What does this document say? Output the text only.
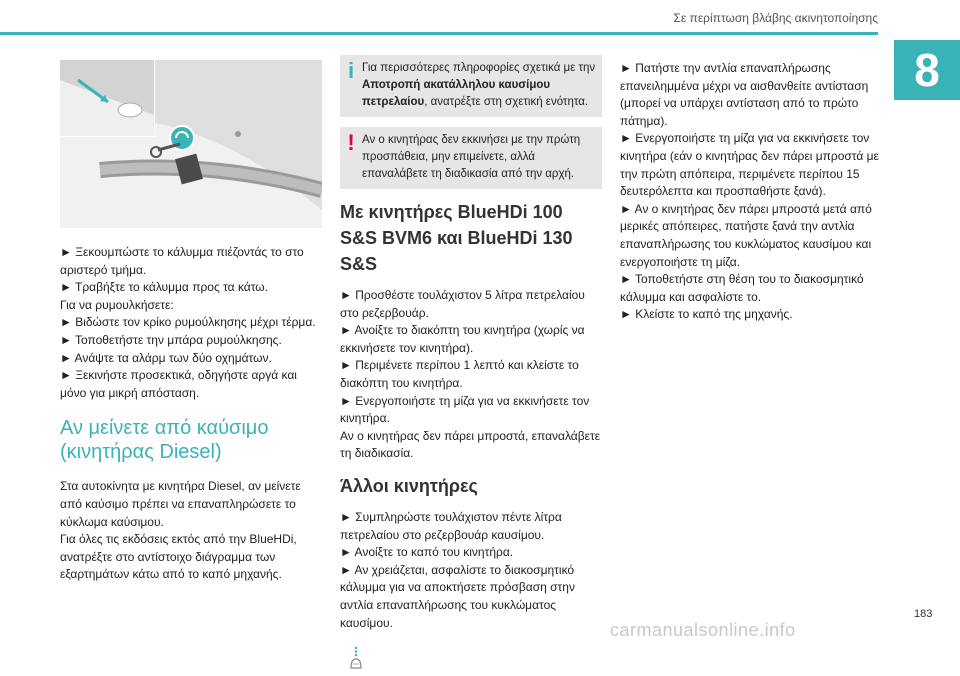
Σε περίπτωση βλάβης ακινητοποίησης
8

► Ξεκουμπώστε το κάλυμμα πιέζοντάς το στο αριστερό τμήμα.

► Τραβήξτε το κάλυμμα προς τα κάτω.

Για να ρυμουλκήσετε:

► Βιδώστε τον κρίκο ρυμούλκησης μέχρι τέρμα.

► Τοποθετήστε την μπάρα ρυμούλκησης.

► Ανάψτε τα αλάρμ των δύο οχημάτων.

► Ξεκινήστε προσεκτικά, οδηγήστε αργά και μόνο για μικρή απόσταση.

Αν μείνετε από καύσιμο (κινητήρας Diesel)

Στα αυτοκίνητα με κινητήρα Diesel, αν μείνετε από καύσιμο πρέπει να επαναπληρώσετε το κύκλωμα καύσιμου.

Για όλες τις εκδόσεις εκτός από την BlueHDi, ανατρέξτε στο αντίστοιχο διάγραμμα των εξαρτημάτων κάτω από το καπό μηχανής.

i Για περισσότερες πληροφορίες σχετικά με την Αποτροπή ακατάλληλου καυσίμου πετρελαίου, ανατρέξτε στη σχετική ενότητα.
! Αν ο κινητήρας δεν εκκινήσει με την πρώτη προσπάθεια, μην επιμείνετε, αλλά επαναλάβετε τη διαδικασία από την αρχή.
Με κινητήρες BlueHDi 100 S&S BVM6 και BlueHDi 130 S&S

► Προσθέστε τουλάχιστον 5 λίτρα πετρελαίου στο ρεζερβουάρ.

► Ανοίξτε το διακόπτη του κινητήρα (χωρίς να εκκινήσετε τον κινητήρα).

► Περιμένετε περίπου 1 λεπτό και κλείστε το διακόπτη του κινητήρα.

► Ενεργοποιήστε τη μίζα για να εκκινήσετε τον κινητήρα.

Αν ο κινητήρας δεν πάρει μπροστά, επαναλάβετε τη διαδικασία.

Άλλοι κινητήρες

► Συμπληρώστε τουλάχιστον πέντε λίτρα πετρελαίου στο ρεζερβουάρ καυσίμου.

► Ανοίξτε το καπό του κινητήρα.

► Αν χρειάζεται, ασφαλίστε το διακοσμητικό κάλυμμα για να αποκτήσετε πρόσβαση στην αντλία επαναπλήρωσης του κυκλώματος καυσίμου.

► Πατήστε την αντλία επαναπλήρωσης επανειλημμένα μέχρι να αισθανθείτε αντίσταση (μπορεί να υπάρχει αντίσταση από το πρώτο πάτημα).

► Ενεργοποιήστε τη μίζα για να εκκινήσετε τον κινητήρα (εάν ο κινητήρας δεν πάρει μπροστά με την πρώτη απόπειρα, περιμένετε περίπου 15 δευτερόλεπτα και προσπαθήστε ξανά).

► Αν ο κινητήρας δεν πάρει μπροστά μετά από μερικές απόπειρες, πατήστε ξανά την αντλία επαναπλήρωσης του κυκλώματος καυσίμου και ενεργοποιήστε τη μίζα.

► Τοποθετήστε στη θέση του το διακοσμητικό κάλυμμα και ασφαλίστε το.

► Κλείστε το καπό της μηχανής.

183
carmanualsonline.info
